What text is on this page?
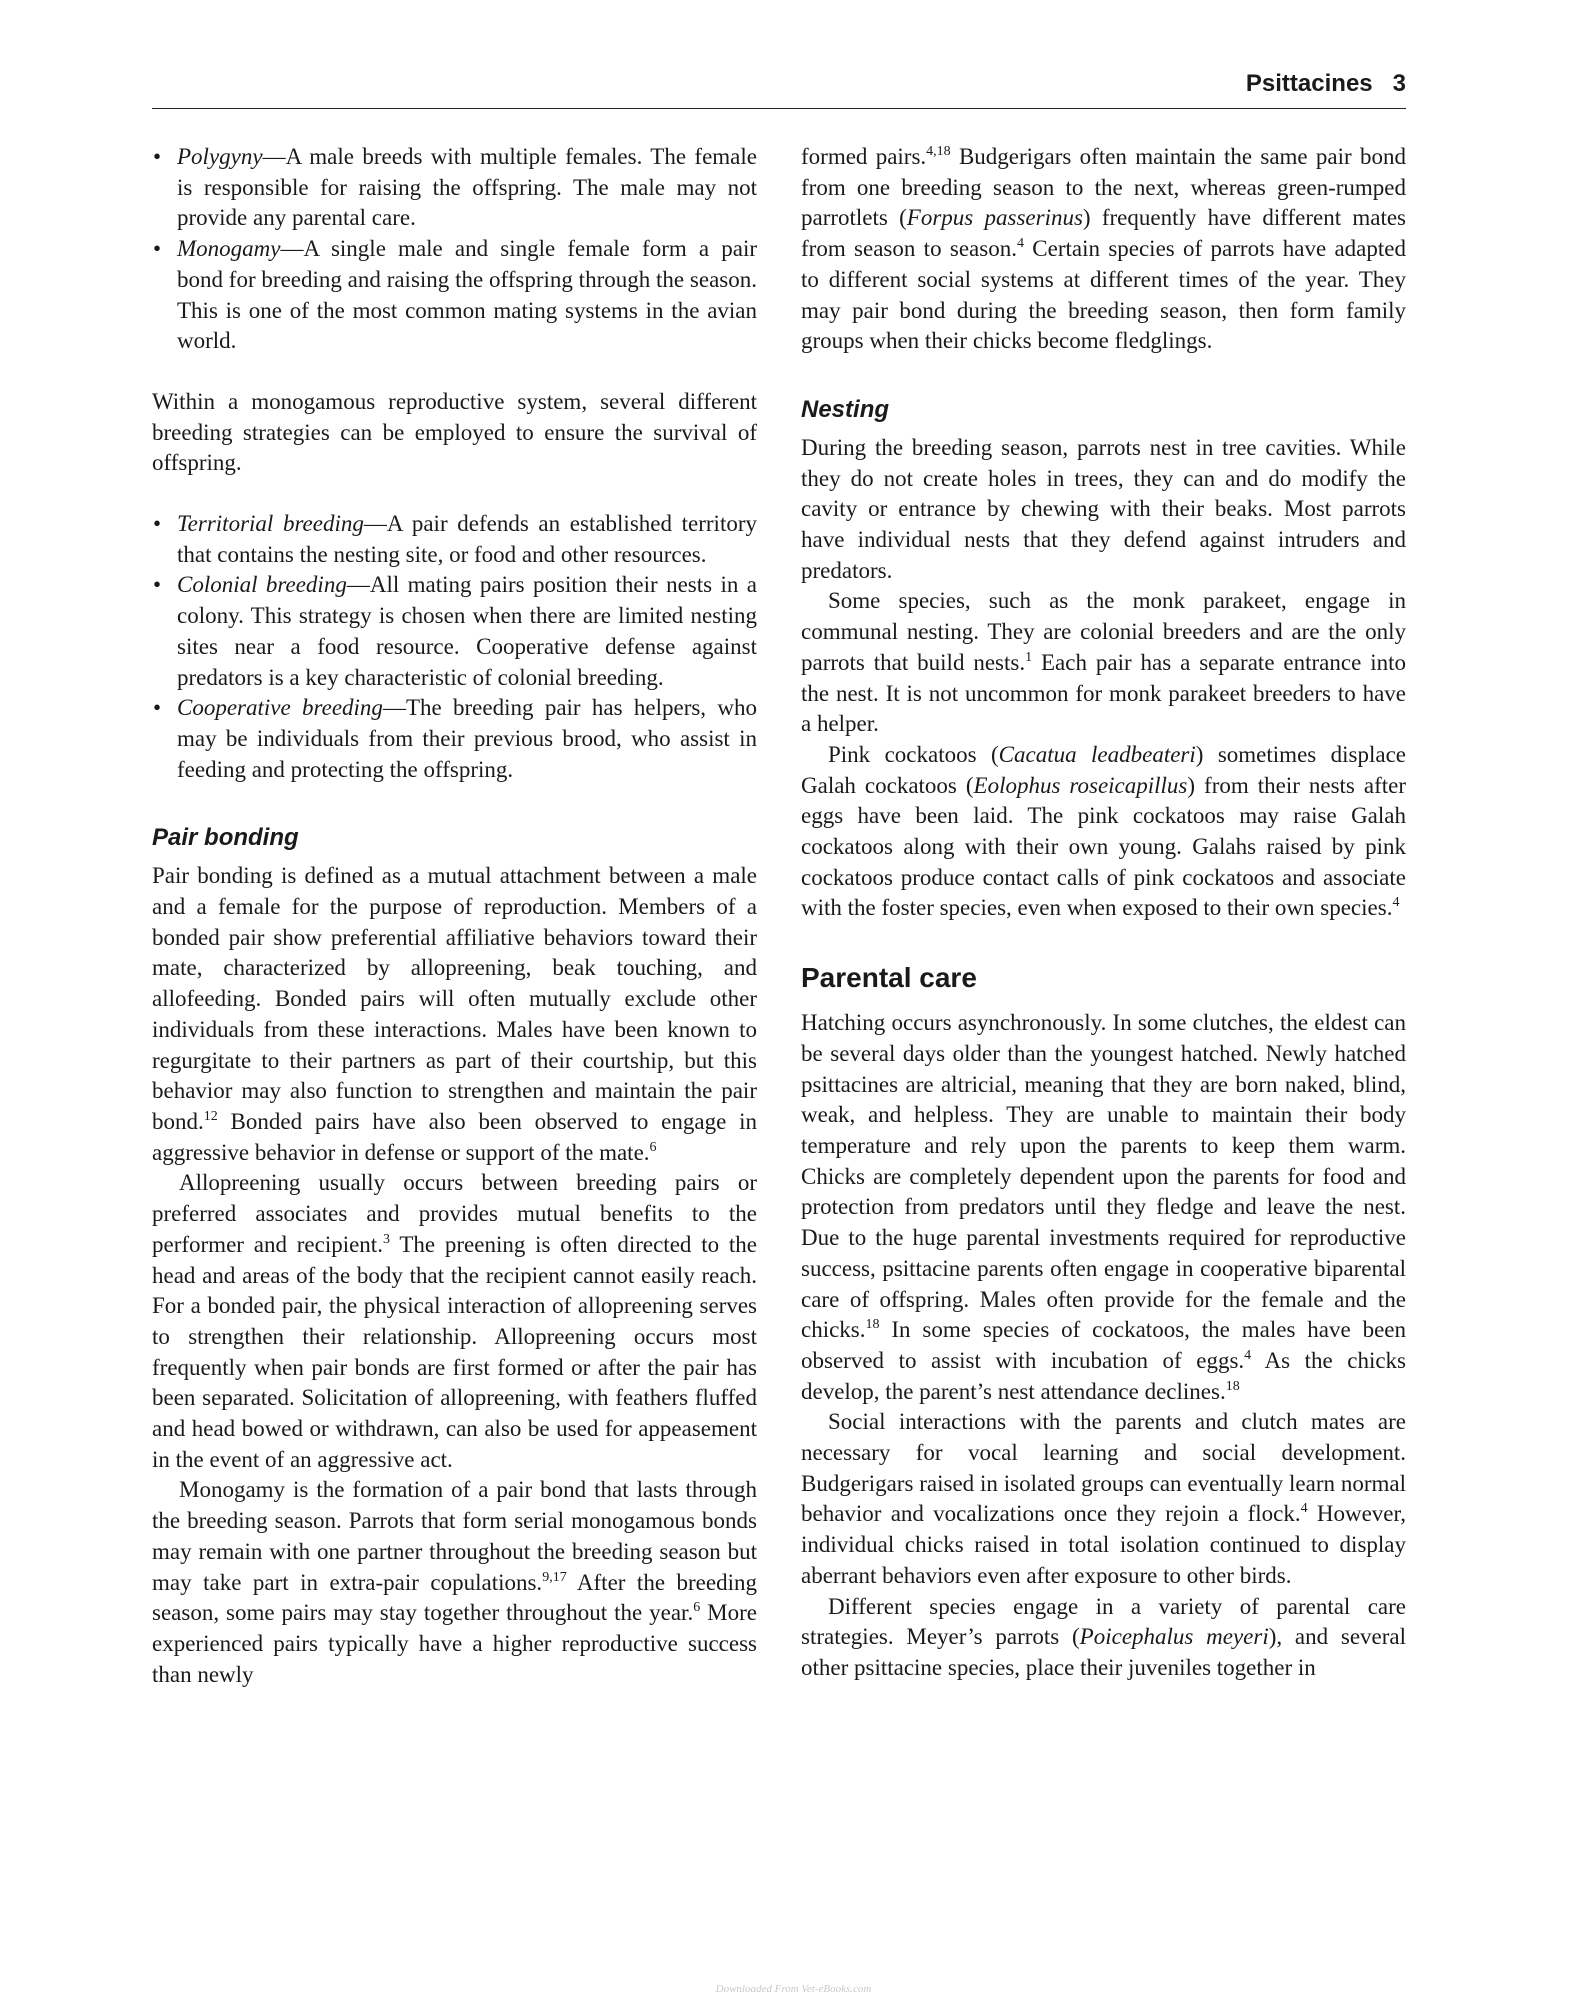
Psittacines 3
• Polygyny—A male breeds with multiple females. The female is responsible for raising the offspring. The male may not provide any parental care.
• Monogamy—A single male and single female form a pair bond for breeding and raising the offspring through the season. This is one of the most common mating systems in the avian world.

Within a monogamous reproductive system, several different breeding strategies can be employed to ensure the survival of offspring.

• Territorial breeding—A pair defends an established territory that contains the nesting site, or food and other resources.
• Colonial breeding—All mating pairs position their nests in a colony. This strategy is chosen when there are limited nesting sites near a food resource. Cooperative defense against predators is a key characteristic of colonial breeding.
• Cooperative breeding—The breeding pair has helpers, who may be individuals from their previous brood, who assist in feeding and protecting the offspring.
Pair bonding

Pair bonding is defined as a mutual attachment between a male and a female for the purpose of reproduction. Members of a bonded pair show preferential affiliative behaviors toward their mate, characterized by allopreening, beak touching, and allofeeding. Bonded pairs will often mutually exclude other individuals from these interactions. Males have been known to regurgitate to their partners as part of their courtship, but this behavior may also function to strengthen and maintain the pair bond.$^{12}$ Bonded pairs have also been observed to engage in aggressive behavior in defense or support of the mate.$^6$

Allopreening usually occurs between breeding pairs or preferred associates and provides mutual benefits to the performer and recipient.$^3$ The preening is often directed to the head and areas of the body that the recipient cannot easily reach. For a bonded pair, the physical interaction of allopreening serves to strengthen their relationship. Allopreening occurs most frequently when pair bonds are first formed or after the pair has been separated. Solicitation of allopreening, with feathers fluffed and head bowed or withdrawn, can also be used for appeasement in the event of an aggressive act.

Monogamy is the formation of a pair bond that lasts through the breeding season. Parrots that form serial monogamous bonds may remain with one partner throughout the breeding season but may take part in extra-pair copulations.$^{9,17}$ After the breeding season, some pairs may stay together throughout the year.$^6$ More experienced pairs typically have a higher reproductive success than newly

formed pairs.$^{4,18}$ Budgerigars often maintain the same pair bond from one breeding season to the next, whereas green-rumped parrotlets (Forpus passerinus) frequently have different mates from season to season.$^4$ Certain species of parrots have adapted to different social systems at different times of the year. They may pair bond during the breeding season, then form family groups when their chicks become fledglings.

Nesting

During the breeding season, parrots nest in tree cavities. While they do not create holes in trees, they can and do modify the cavity or entrance by chewing with their beaks. Most parrots have individual nests that they defend against intruders and predators.

Some species, such as the monk parakeet, engage in communal nesting. They are colonial breeders and are the only parrots that build nests.$^1$ Each pair has a separate entrance into the nest. It is not uncommon for monk parakeet breeders to have a helper.

Pink cockatoos (Cacatua leadbeateri) sometimes displace Galah cockatoos (Eolophus roseicapillus) from their nests after eggs have been laid. The pink cockatoos may raise Galah cockatoos along with their own young. Galahs raised by pink cockatoos produce contact calls of pink cockatoos and associate with the foster species, even when exposed to their own species.$^4$

Parental care

Hatching occurs asynchronously. In some clutches, the eldest can be several days older than the youngest hatched. Newly hatched psittacines are altricial, meaning that they are born naked, blind, weak, and helpless. They are unable to maintain their body temperature and rely upon the parents to keep them warm. Chicks are completely dependent upon the parents for food and protection from predators until they fledge and leave the nest. Due to the huge parental investments required for reproductive success, psittacine parents often engage in cooperative biparental care of offspring. Males often provide for the female and the chicks.$^{18}$ In some species of cockatoos, the males have been observed to assist with incubation of eggs.$^4$ As the chicks develop, the parent’s nest attendance declines.$^{18}$

Social interactions with the parents and clutch mates are necessary for vocal learning and social development. Budgerigars raised in isolated groups can eventually learn normal behavior and vocalizations once they rejoin a flock.$^4$ However, individual chicks raised in total isolation continued to display aberrant behaviors even after exposure to other birds.

Different species engage in a variety of parental care strategies. Meyer’s parrots (Poicephalus meyeri), and several other psittacine species, place their juveniles together in

Downloaded From Vet-eBooks.com
